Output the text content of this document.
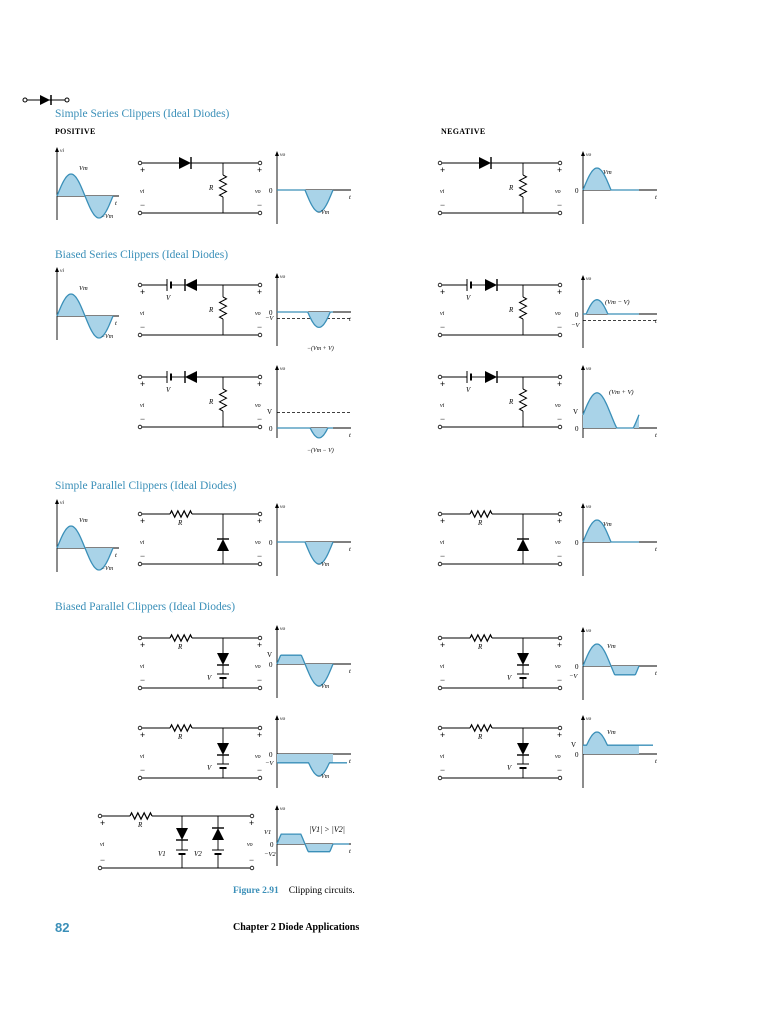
Simple Series Clippers (Ideal Diodes)
POSITIVE	NEGATIVE
Biased Series Clippers (Ideal Diodes)
Simple Parallel Clippers (Ideal Diodes)
Biased Parallel Clippers (Ideal Diodes)
vi
Vm
t
−Vm
R
+
vi
−
+
vo
−
vo
0
t
−Vm
R
+
vi
−
+
vo
−
vo
0
t
Vm
vi
Vm
t
−Vm
V
R
+
vi
−
+
vo
−
vo
0
t
−V
−(Vm + V)
V
R
+
vi
−
+
vo
−
vo
0
t
−V
(Vm − V)
V
R
+
vi
−
+
vo
−
vo
0
t
V
−(Vm − V)
V
R
+
vi
−
+
vo
−
vo
0
t
V
(Vm + V)
vi
Vm
t
−Vm
R
+
vi
−
+
vo
−
vo
0
t
−Vm
R
+
vi
−
+
vo
−
vo
0
t
Vm
R
V
+
vi
−
+
vo
−
vo
0
t
V
−Vm
R
V
+
vi
−
+
vo
−
vo
0
t
−V
Vm
R
V
+
vi
−
+
vo
−
vo
0
t
−V
−Vm
R
V
+
vi
−
+
vo
−
vo
0
t
V
Vm
R
V1	V2
+
vi
−
+
vo
−
vo
0
V1
−V2	t
|V1| > |V2|
Figure 2.91 Clipping circuits.
82	Chapter 2 Diode Applications
